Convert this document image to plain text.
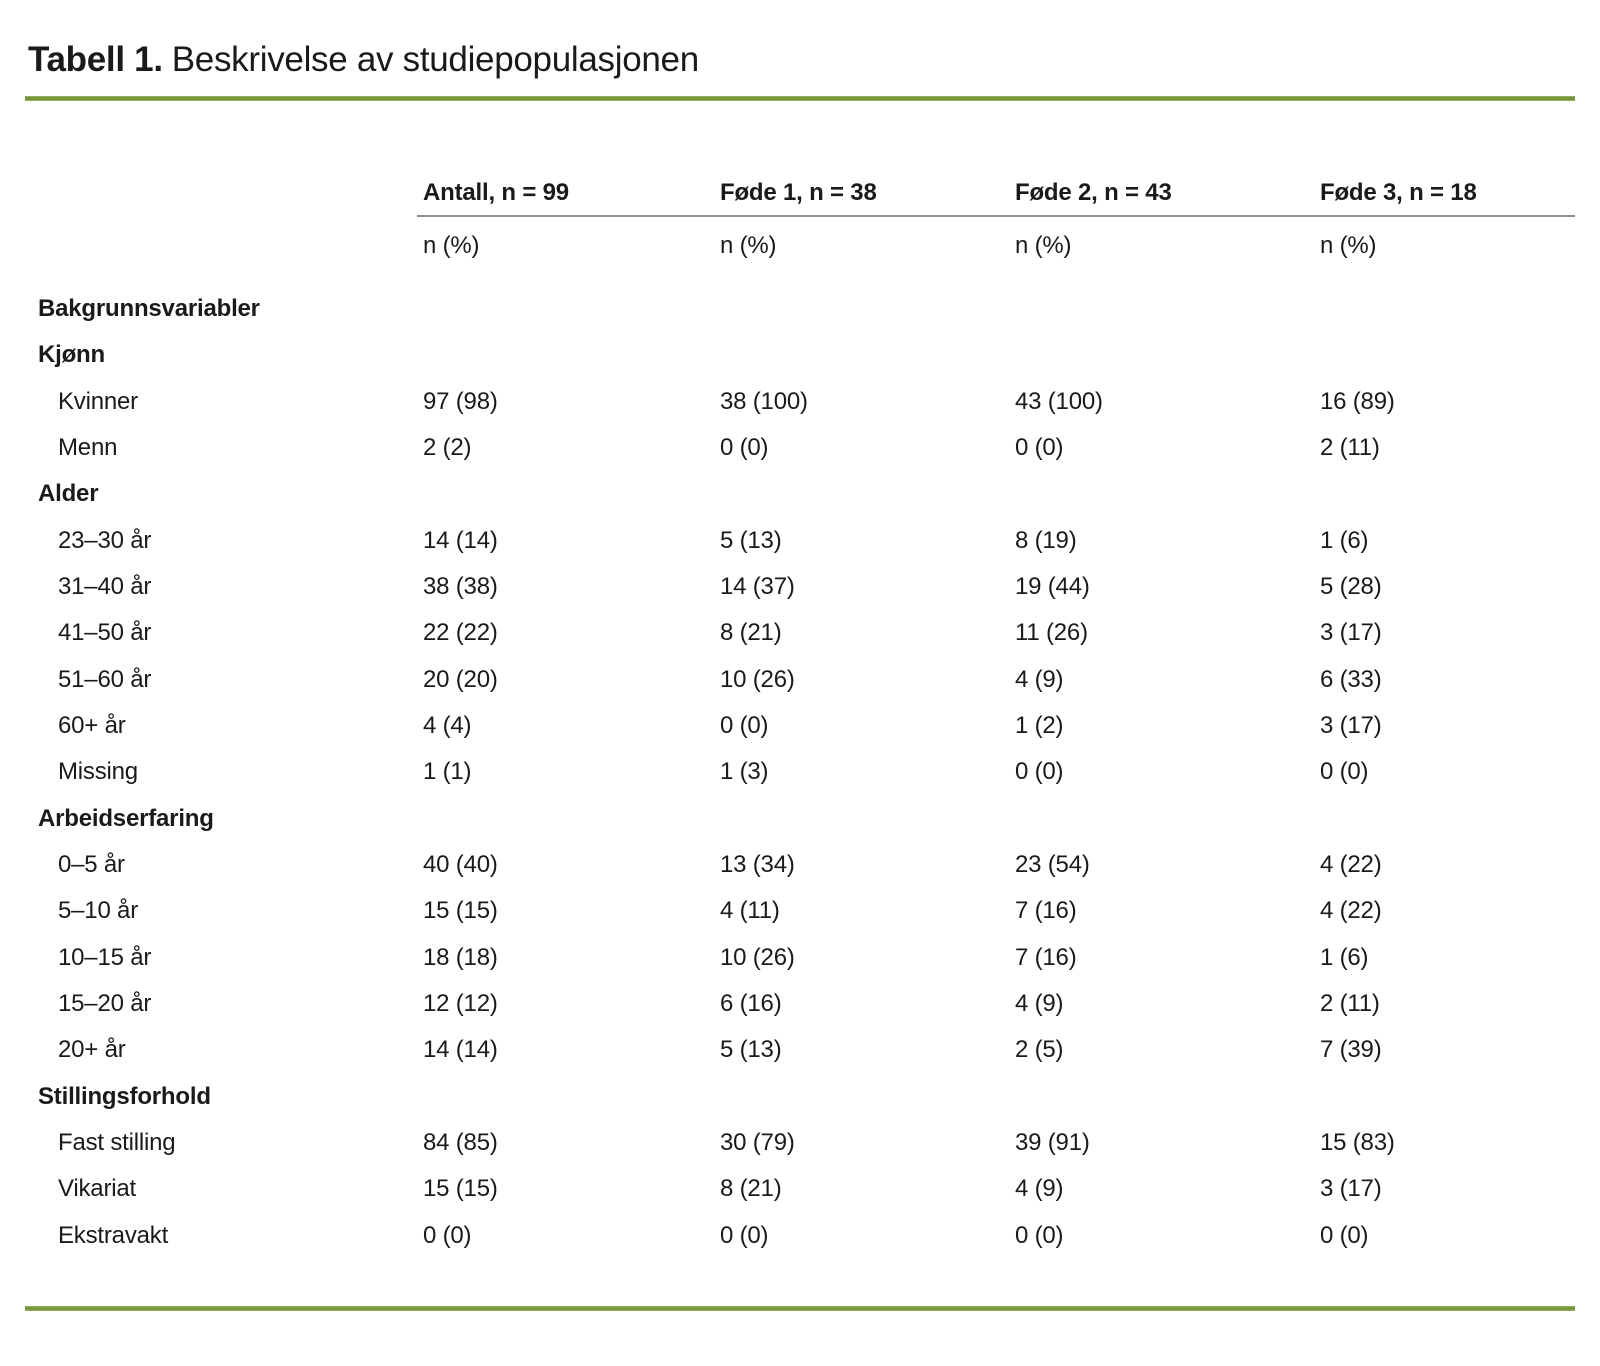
Tabell 1. Beskrivelse av studiepopulasjonen
Antall, n = 99	Føde 1, n = 38	Føde 2, n = 43	Føde 3, n = 18
n (%)	n (%)	n (%)	n (%)
Bakgrunnsvariabler
Kjønn
Kvinner	97 (98)	38 (100)	43 (100)	16 (89)
Menn	2 (2)	0 (0)	0 (0)	2 (11)
Alder
23–30 år	14 (14)	5 (13)	8 (19)	1 (6)
31–40 år	38 (38)	14 (37)	19 (44)	5 (28)
41–50 år	22 (22)	8 (21)	11 (26)	3 (17)
51–60 år	20 (20)	10 (26)	4 (9)	6 (33)
60+ år	4 (4)	0 (0)	1 (2)	3 (17)
Missing	1 (1)	1 (3)	0 (0)	0 (0)
Arbeidserfaring
0–5 år	40 (40)	13 (34)	23 (54)	4 (22)
5–10 år	15 (15)	4 (11)	7 (16)	4 (22)
10–15 år	18 (18)	10 (26)	7 (16)	1 (6)
15–20 år	12 (12)	6 (16)	4 (9)	2 (11)
20+ år	14 (14)	5 (13)	2 (5)	7 (39)
Stillingsforhold
Fast stilling	84 (85)	30 (79)	39 (91)	15 (83)
Vikariat	15 (15)	8 (21)	4 (9)	3 (17)
Ekstravakt	0 (0)	0 (0)	0 (0)	0 (0)
